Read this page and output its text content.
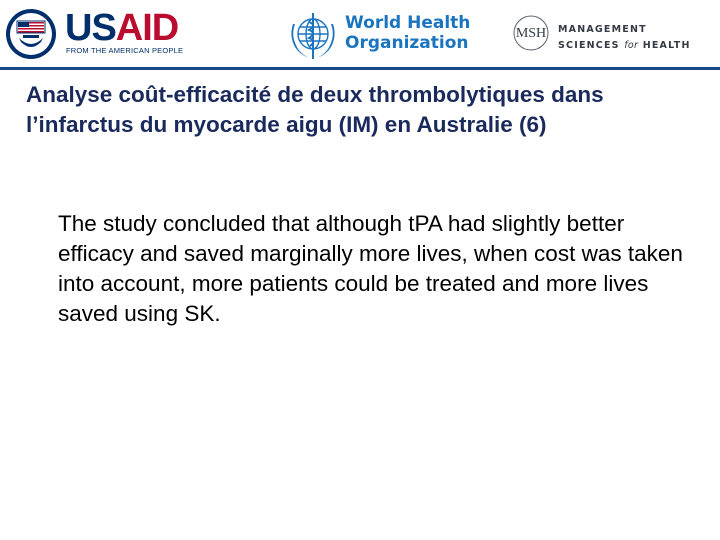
USAID
FROM THE AMERICAN PEOPLE
World Health
Organization	MSH MANAGEMENT
SCIENCES for HEALTH
Analyse coût-efficacité de deux thrombolytiques dans l’infarctus du myocarde aigu (IM) en Australie (6)

The study concluded that although tPA had slightly better efficacy and saved marginally more lives, when cost was taken into account, more patients could be treated and more lives saved using SK.
